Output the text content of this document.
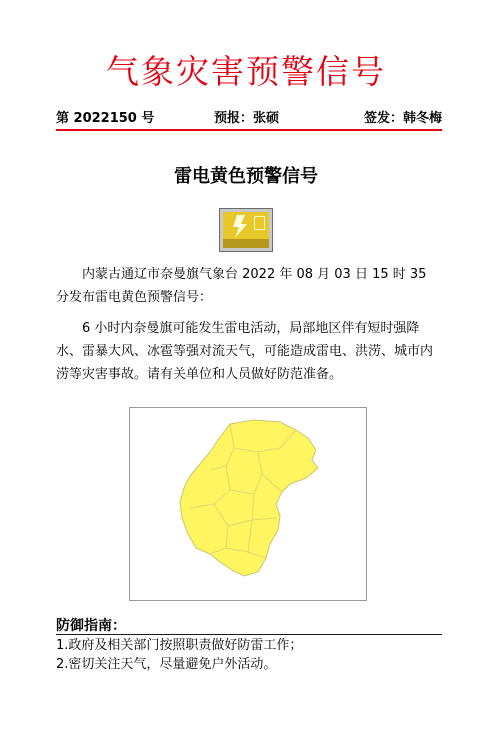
气象灾害预警信号
第 2022150 号	预报：张硕	签发：韩冬梅
雷电黄色预警信号

内蒙古通辽市奈曼旗气象台 2022 年 08 月 03 日 15 时 35 分发布雷电黄色预警信号：

6 小时内奈曼旗可能发生雷电活动，局部地区伴有短时强降水、雷暴大风、冰雹等强对流天气，可能造成雷电、洪涝、城市内涝等灾害事故。请有关单位和人员做好防范准备。

防御指南：
1.政府及相关部门按照职责做好防雷工作；
2.密切关注天气，尽量避免户外活动。
